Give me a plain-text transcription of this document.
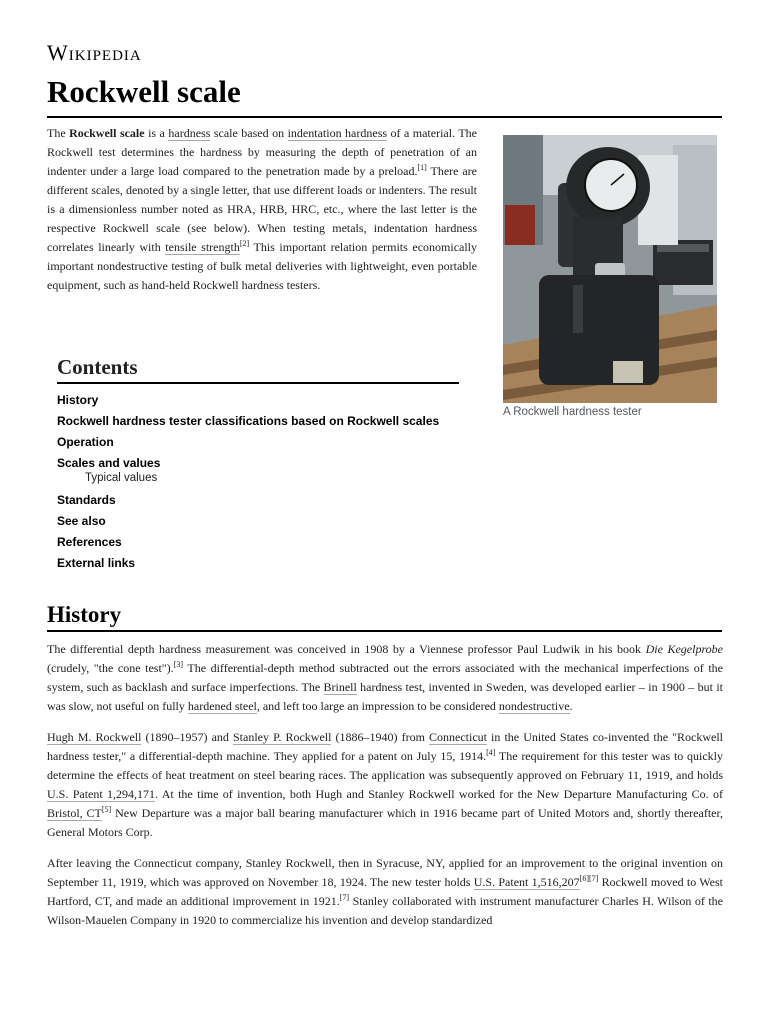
Wikipedia
Rockwell scale

The Rockwell scale is a hardness scale based on indentation hardness of a material. The Rockwell test determines the hardness by measuring the depth of penetration of an indenter under a large load compared to the penetration made by a preload.[1] There are different scales, denoted by a single letter, that use different loads or indenters. The result is a dimensionless number noted as HRA, HRB, HRC, etc., where the last letter is the respective Rockwell scale (see below). When testing metals, indentation hardness correlates linearly with tensile strength[2] This important relation permits economically important nondestructive testing of bulk metal deliveries with lightweight, even portable equipment, such as hand-held Rockwell hardness testers.

A Rockwell hardness tester
Contents
History
Rockwell hardness tester classifications based on Rockwell scales
Operation
Scales and values
Typical values
Standards
See also
References
External links
History

The differential depth hardness measurement was conceived in 1908 by a Viennese professor Paul Ludwik in his book Die Kegelprobe (crudely, "the cone test").[3] The differential-depth method subtracted out the errors associated with the mechanical imperfections of the system, such as backlash and surface imperfections. The Brinell hardness test, invented in Sweden, was developed earlier – in 1900 – but it was slow, not useful on fully hardened steel, and left too large an impression to be considered nondestructive.

Hugh M. Rockwell (1890–1957) and Stanley P. Rockwell (1886–1940) from Connecticut in the United States co-invented the "Rockwell hardness tester," a differential-depth machine. They applied for a patent on July 15, 1914.[4] The requirement for this tester was to quickly determine the effects of heat treatment on steel bearing races. The application was subsequently approved on February 11, 1919, and holds U.S. Patent 1,294,171. At the time of invention, both Hugh and Stanley Rockwell worked for the New Departure Manufacturing Co. of Bristol, CT[5] New Departure was a major ball bearing manufacturer which in 1916 became part of United Motors and, shortly thereafter, General Motors Corp.

After leaving the Connecticut company, Stanley Rockwell, then in Syracuse, NY, applied for an improvement to the original invention on September 11, 1919, which was approved on November 18, 1924. The new tester holds U.S. Patent 1,516,207[6][7] Rockwell moved to West Hartford, CT, and made an additional improvement in 1921.[7] Stanley collaborated with instrument manufacturer Charles H. Wilson of the Wilson-Mauelen Company in 1920 to commercialize his invention and develop standardized
